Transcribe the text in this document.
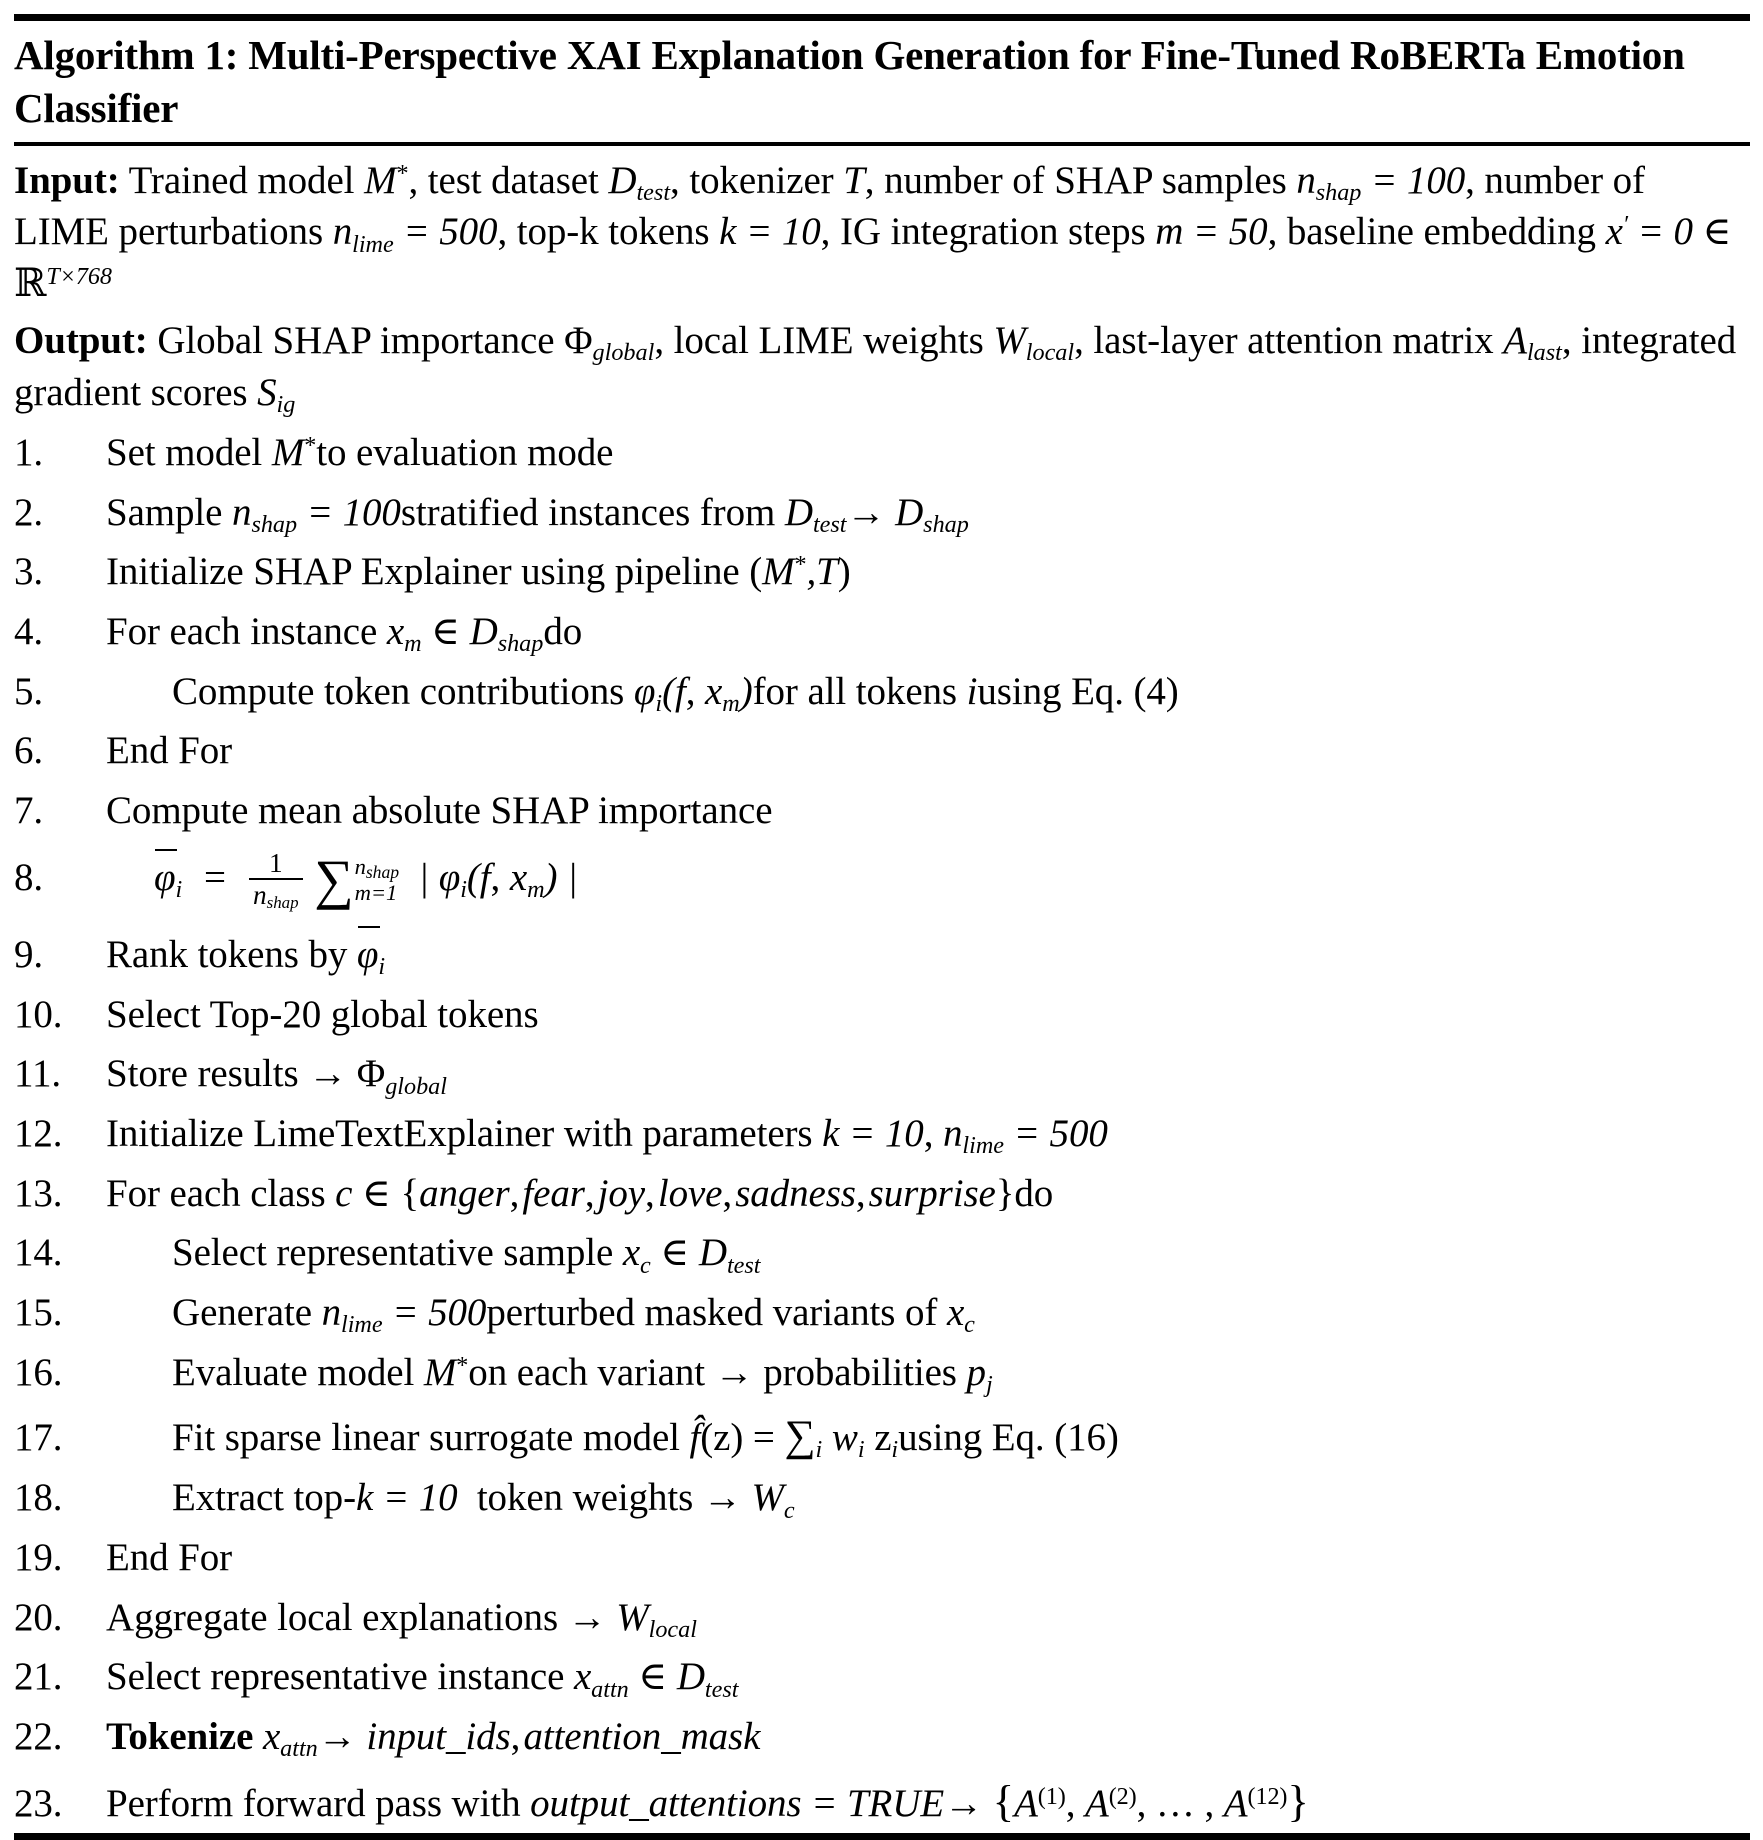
Algorithm 1: Multi-Perspective XAI Explanation Generation for Fine-Tuned RoBERTa Emotion Classifier
Input: Trained model M*, test dataset $D_{test}$, tokenizer T, number of SHAP samples $n_{shap} = 100$, number of LIME perturbations $n_{lime} = 500$, top-k tokens k = 10, IG integration steps m = 50, baseline embedding x′ = 0 ∈ ℝ$^{T\times 768}$
Output: Global SHAP importance $\Phi_{global}$, local LIME weights $W_{local}$, last-layer attention matrix $A_{last}$, integrated gradient scores $S_{ig}$
1.	Set model M*to evaluation mode
2.	Sample $n_{shap}$ = 100stratified instances from $D_{test}\to D_{shap}$
3.	Initialize SHAP Explainer using pipeline (M*,T)
4.	For each instance $x_m$ ∈ $D_{shap}do$
5.	Compute token contributions $\varphi_i(f$, $x_m)for$ all tokens iusing Eq. (4)
6.	End For
7.	Compute mean absolute SHAP importance
8.	$\varphi_i = \frac{1}{n_{shap}}$
∑ $n_{shap}$
m=1 | $\varphi_i(f$, $x_m$) |
9.	Rank tokens by $\varphi_i$
10.	Select Top-20 global tokens
11.	Store results → $\Phi_{global}$
12.	Initialize LimeTextExplainer with parameters k = 10, $n_{lime} = 500$
13.	For each class c ∈ {anger, fear, joy, love, sadness, surprise}do
14.	Select representative sample $x_c$ ∈ $D_{test}$
15.	Generate $n_{lime}$ = 500perturbed masked variants of $x_c$
16.	Evaluate model M*on each variant → probabilities $p_j$
17.	Fit sparse linear surrogate model f̂(z) = $\sum_i$ $w_i$ $z_iusing$ Eq. (16)
18.	Extract top-k = 10  token weights → $W_c$
19.	End For
20.	Aggregate local explanations → $W_{local}$
21.	Select representative instance $x_{attn}$ ∈ $D_{test}$
22.	Tokenize $x_{attn}\to$ input_ids, attention_mask
23.	Perform forward pass with output_attentions = TRUE→ {$A^{(1)}$, $A^{(2)}$, … , $A^{(12)}$}
